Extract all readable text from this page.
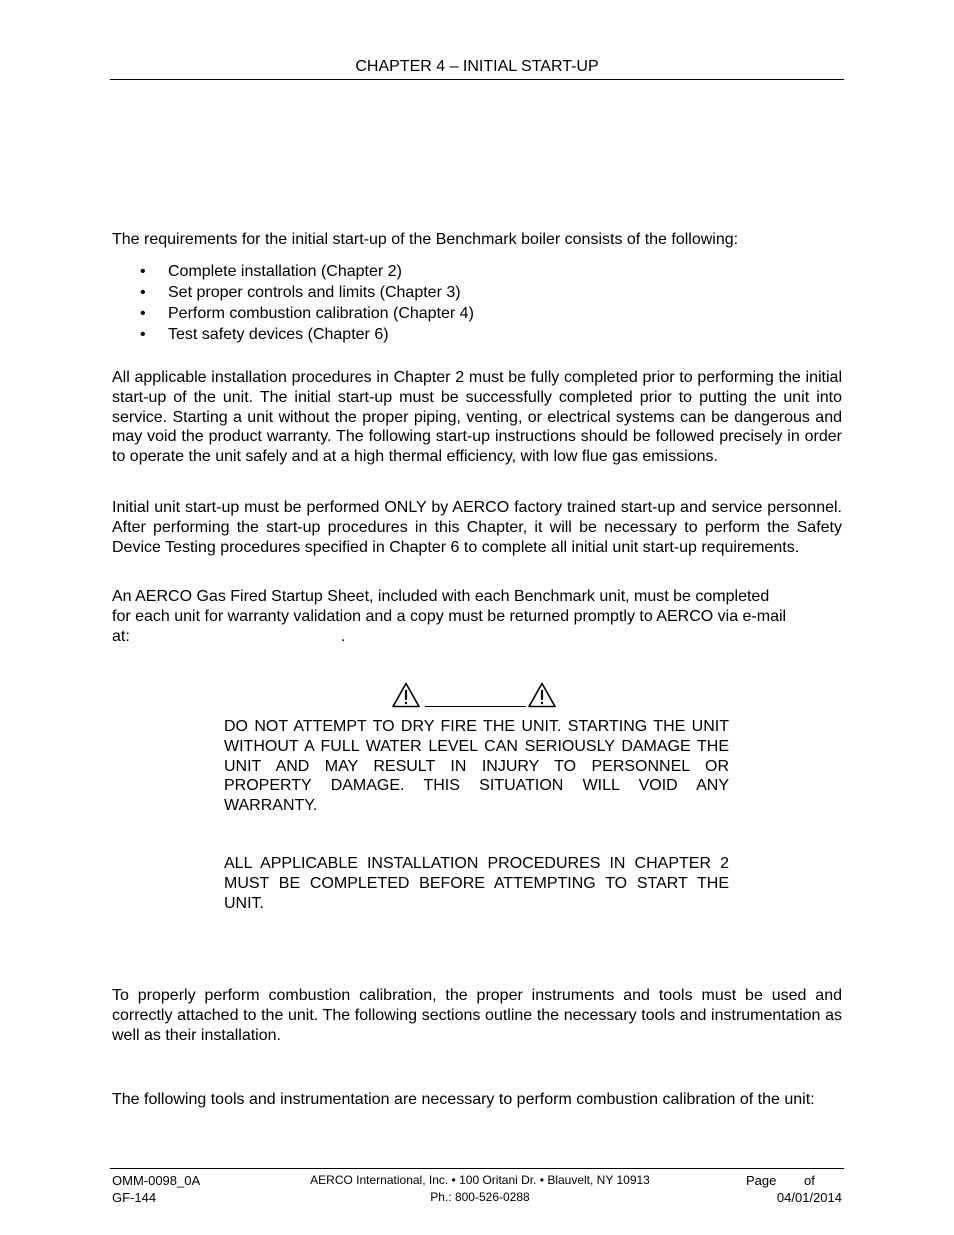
CHAPTER 4 – INITIAL START-UP
The requirements for the initial start-up of the Benchmark boiler consists of the following:
• Complete installation (Chapter 2)
• Set proper controls and limits (Chapter 3)
• Perform combustion calibration (Chapter 4)
• Test safety devices (Chapter 6)
All applicable installation procedures in Chapter 2 must be fully completed prior to performing the initial start-up of the unit. The initial start-up must be successfully completed prior to putting the unit into service. Starting a unit without the proper piping, venting, or electrical systems can be dangerous and may void the product warranty. The following start-up instructions should be followed precisely in order to operate the unit safely and at a high thermal efficiency, with low flue gas emissions.
Initial unit start-up must be performed ONLY by AERCO factory trained start-up and service personnel. After performing the start-up procedures in this Chapter, it will be necessary to perform the Safety Device Testing procedures specified in Chapter 6 to complete all initial unit start-up requirements.
An AERCO Gas Fired Startup Sheet, included with each Benchmark unit, must be completed
for each unit for warranty validation and a copy must be returned promptly to AERCO via e-mail
at:	.
DO NOT ATTEMPT TO DRY FIRE THE UNIT. STARTING THE UNIT WITHOUT A FULL WATER LEVEL CAN SERIOUSLY DAMAGE THE UNIT AND MAY RESULT IN INJURY TO PERSONNEL OR PROPERTY DAMAGE. THIS SITUATION WILL VOID ANY WARRANTY.
ALL APPLICABLE INSTALLATION PROCEDURES IN CHAPTER 2 MUST BE COMPLETED BEFORE ATTEMPTING TO START THE UNIT.
To properly perform combustion calibration, the proper instruments and tools must be used and correctly attached to the unit. The following sections outline the necessary tools and instrumentation as well as their installation.
The following tools and instrumentation are necessary to perform combustion calibration of the unit:
OMM-0098_0A
GF-144
AERCO International, Inc. • 100 Oritani Dr. • Blauvelt, NY 10913
Ph.: 800-526-0288
Page of
04/01/2014
